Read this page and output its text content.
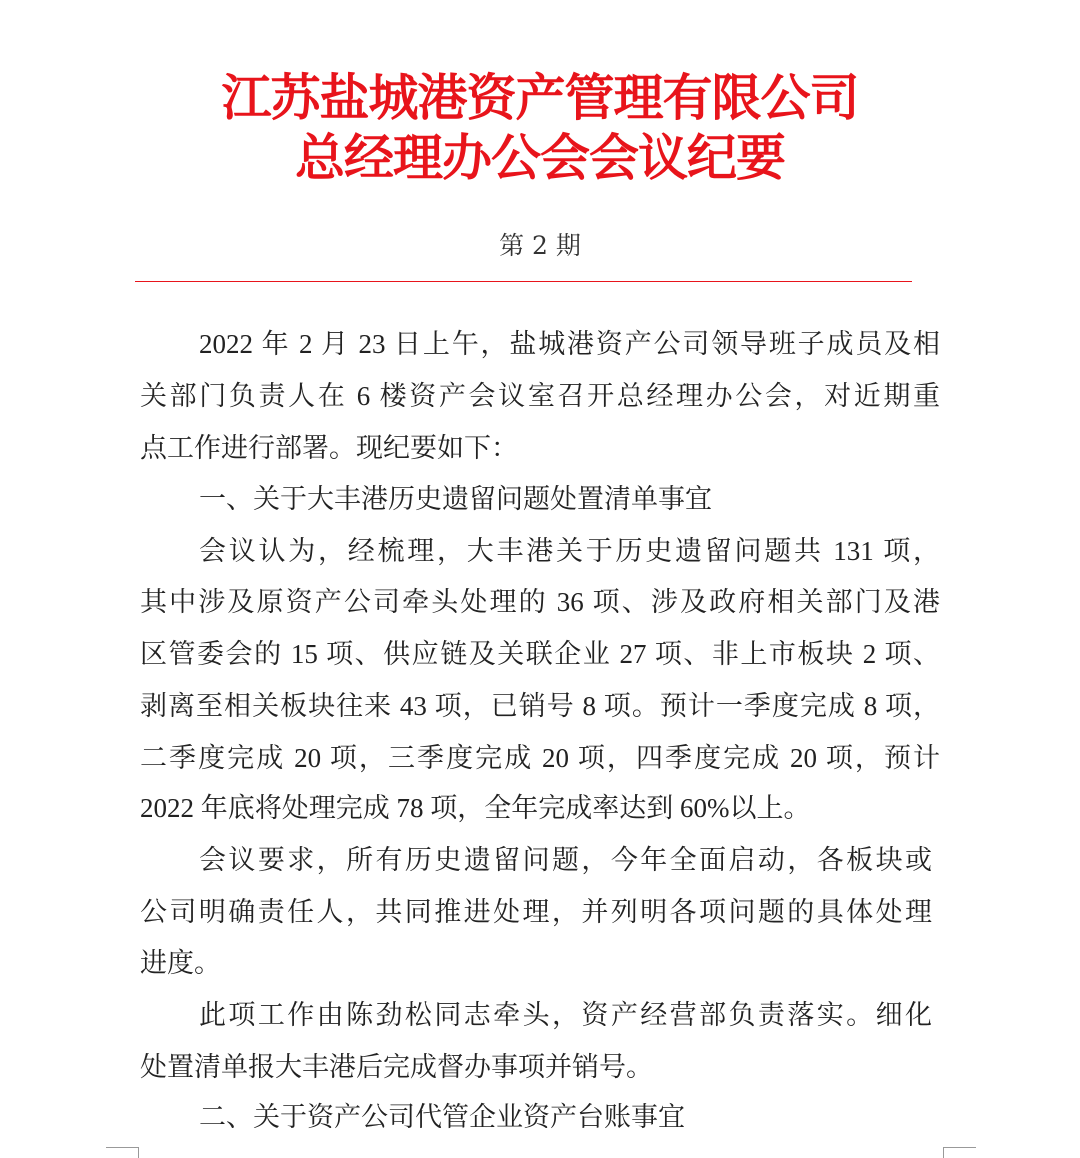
江苏盐城港资产管理有限公司
总经理办公会会议纪要
第 2 期
2022 年 2 月 23 日上午，盐城港资产公司领导班子成员及相
关部门负责人在 6 楼资产会议室召开总经理办公会，对近期重
点工作进行部署。现纪要如下：
一、关于大丰港历史遗留问题处置清单事宜
会议认为，经梳理，大丰港关于历史遗留问题共 131 项，
其中涉及原资产公司牵头处理的 36 项、涉及政府相关部门及港
区管委会的 15 项、供应链及关联企业 27 项、非上市板块 2 项、
剥离至相关板块往来 43 项，已销号 8 项。预计一季度完成 8 项，
二季度完成 20 项，三季度完成 20 项，四季度完成 20 项，预计
2022 年底将处理完成 78 项，全年完成率达到 60%以上。
会议要求，所有历史遗留问题，今年全面启动，各板块或
公司明确责任人，共同推进处理，并列明各项问题的具体处理
进度。
此项工作由陈劲松同志牵头，资产经营部负责落实。细化
处置清单报大丰港后完成督办事项并销号。
二、关于资产公司代管企业资产台账事宜
